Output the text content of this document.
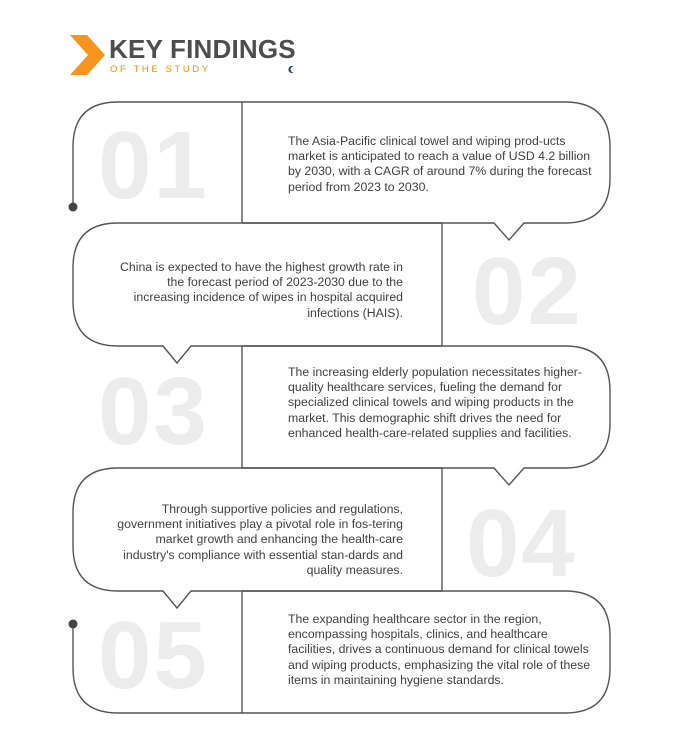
KEY FINDINGS
OF THE STUDY
01	The Asia-Pacific clinical towel and wiping prod-ucts market is anticipated to reach a value of USD 4.2 billion by 2030, with a CAGR of around 7% during the forecast period from 2023 to 2030.
02
China is expected to have the highest growth rate in the forecast period of 2023-2030 due to the increasing incidence of wipes in hospital acquired infections (HAIS).
03	The increasing elderly population necessitates higher-quality healthcare services, fueling the demand for specialized clinical towels and wiping products in the market. This demographic shift drives the need for enhanced health-care-related supplies and facilities.
04
Through supportive policies and regulations, government initiatives play a pivotal role in fos-tering market growth and enhancing the health-care industry's compliance with essential stan-dards and quality measures.
05	The expanding healthcare sector in the region, encompassing hospitals, clinics, and healthcare facilities, drives a continuous demand for clinical towels and wiping products, emphasizing the vital role of these items in maintaining hygiene standards.
